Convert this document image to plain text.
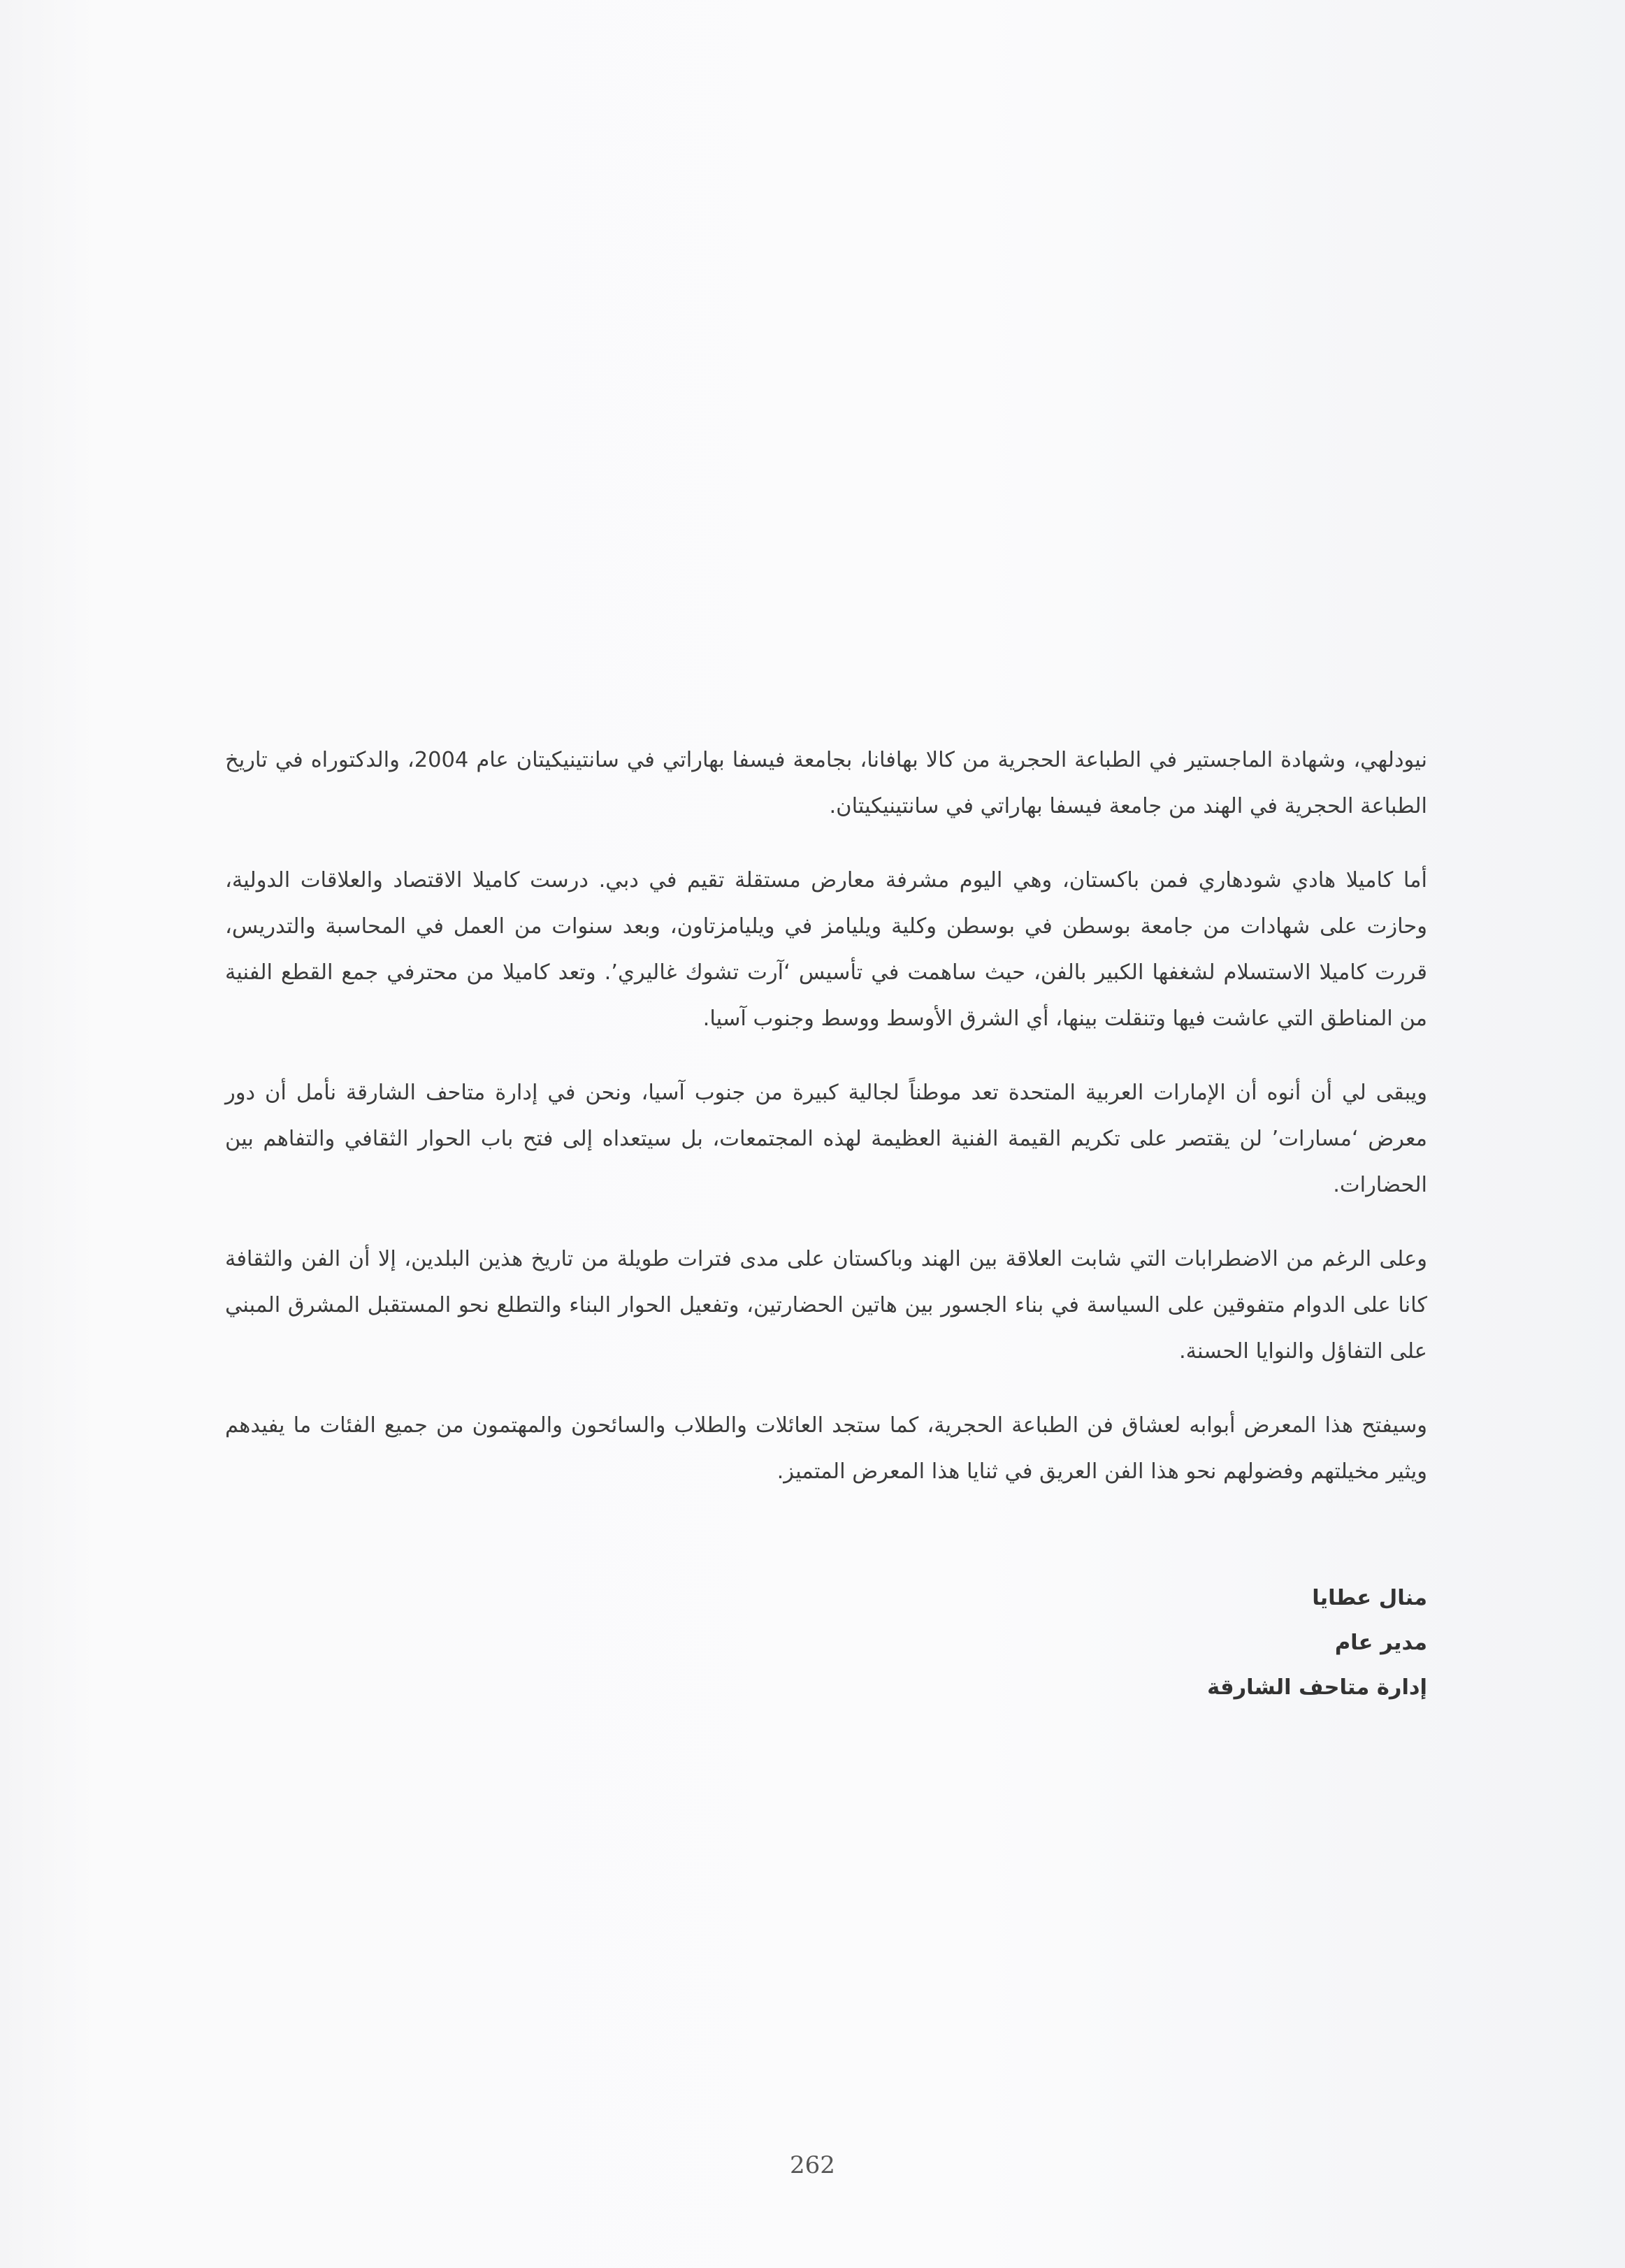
نيودلهي، وشهادة الماجستير في الطباعة الحجرية من كالا بهافانا، بجامعة فيسفا بهاراتي في سانتينيكيتان عام 2004، والدكتوراه في تاريخ الطباعة الحجرية في الهند من جامعة فيسفا بهاراتي في سانتينيكيتان.

أما كاميلا هادي شودهاري فمن باكستان، وهي اليوم مشرفة معارض مستقلة تقيم في دبي. درست كاميلا الاقتصاد والعلاقات الدولية، وحازت على شهادات من جامعة بوسطن في بوسطن وكلية ويليامز في ويليامزتاون، وبعد سنوات من العمل في المحاسبة والتدريس، قررت كاميلا الاستسلام لشغفها الكبير بالفن، حيث ساهمت في تأسيس ‘آرت تشوك غاليري’. وتعد كاميلا من محترفي جمع القطع الفنية من المناطق التي عاشت فيها وتنقلت بينها، أي الشرق الأوسط ووسط وجنوب آسيا.

ويبقى لي أن أنوه أن الإمارات العربية المتحدة تعد موطناً لجالية كبيرة من جنوب آسيا، ونحن في إدارة متاحف الشارقة نأمل أن دور معرض ‘مسارات’ لن يقتصر على تكريم القيمة الفنية العظيمة لهذه المجتمعات، بل سيتعداه إلى فتح باب الحوار الثقافي والتفاهم بين الحضارات.

وعلى الرغم من الاضطرابات التي شابت العلاقة بين الهند وباكستان على مدى فترات طويلة من تاريخ هذين البلدين، إلا أن الفن والثقافة كانا على الدوام متفوقين على السياسة في بناء الجسور بين هاتين الحضارتين، وتفعيل الحوار البناء والتطلع نحو المستقبل المشرق المبني على التفاؤل والنوايا الحسنة.

وسيفتح هذا المعرض أبوابه لعشاق فن الطباعة الحجرية، كما ستجد العائلات والطلاب والسائحون والمهتمون من جميع الفئات ما يفيدهم ويثير مخيلتهم وفضولهم نحو هذا الفن العريق في ثنايا هذا المعرض المتميز.

منال عطايا
مدير عام
إدارة متاحف الشارقة
262
